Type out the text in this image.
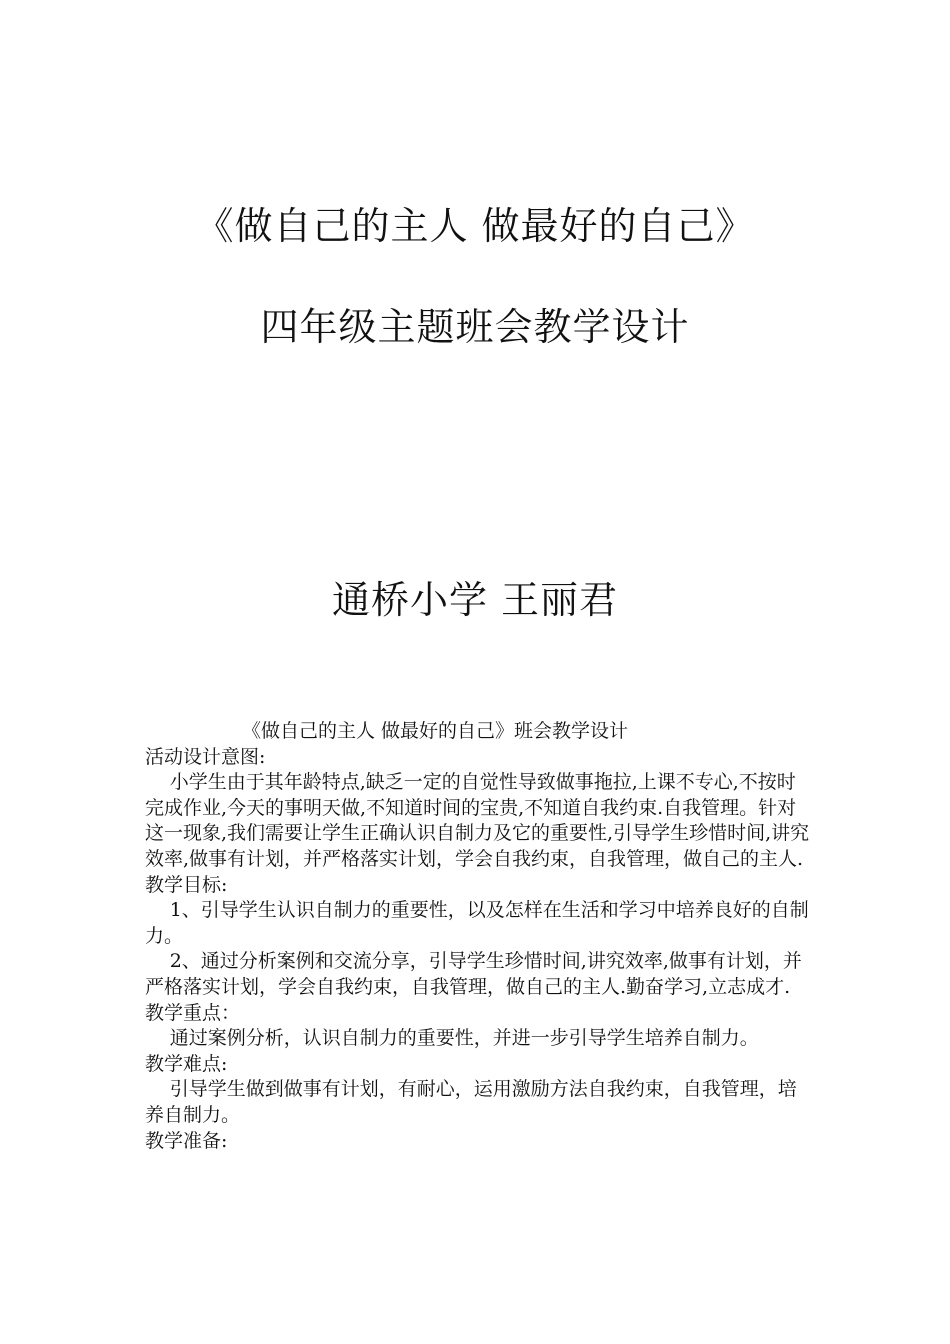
《做自己的主人 做最好的自己》
四年级主题班会教学设计
通桥小学 王丽君

《做自己的主人 做最好的自己》班会教学设计

活动设计意图:

小学生由于其年龄特点,缺乏一定的自觉性导致做事拖拉,上课不专心,不按时完成作业,今天的事明天做,不知道时间的宝贵,不知道自我约束.自我管理。针对这一现象,我们需要让学生正确认识自制力及它的重要性,引导学生珍惜时间,讲究效率,做事有计划，并严格落实计划，学会自我约束，自我管理，做自己的主人.

教学目标:

1、引导学生认识自制力的重要性，以及怎样在生活和学习中培养良好的自制力。

2、通过分析案例和交流分享，引导学生珍惜时间,讲究效率,做事有计划，并严格落实计划，学会自我约束，自我管理，做自己的主人.勤奋学习,立志成才.

教学重点：

通过案例分析，认识自制力的重要性，并进一步引导学生培养自制力。

教学难点:

引导学生做到做事有计划，有耐心，运用激励方法自我约束，自我管理，培养自制力。

教学准备:
